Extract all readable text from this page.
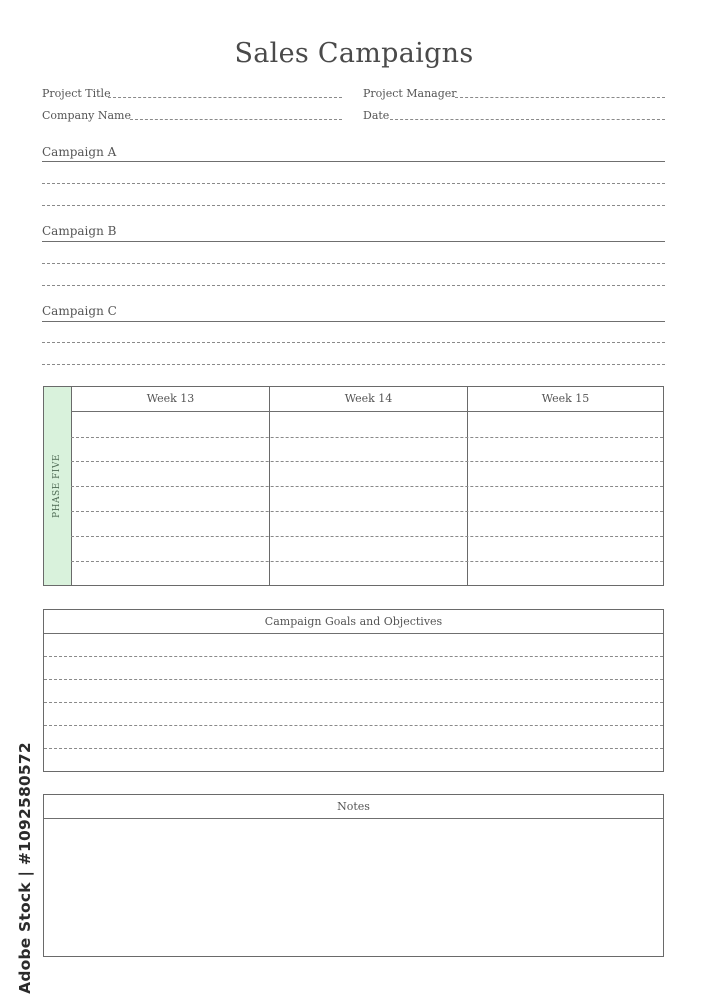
Sales Campaigns
Project Title	Project Manager
Company Name	Date
Campaign A
Campaign B
Campaign C
PHASE FIVE
Week 13	Week 14	Week 15
Campaign Goals and Objectives
Notes
Adobe Stock | #109258057​2
